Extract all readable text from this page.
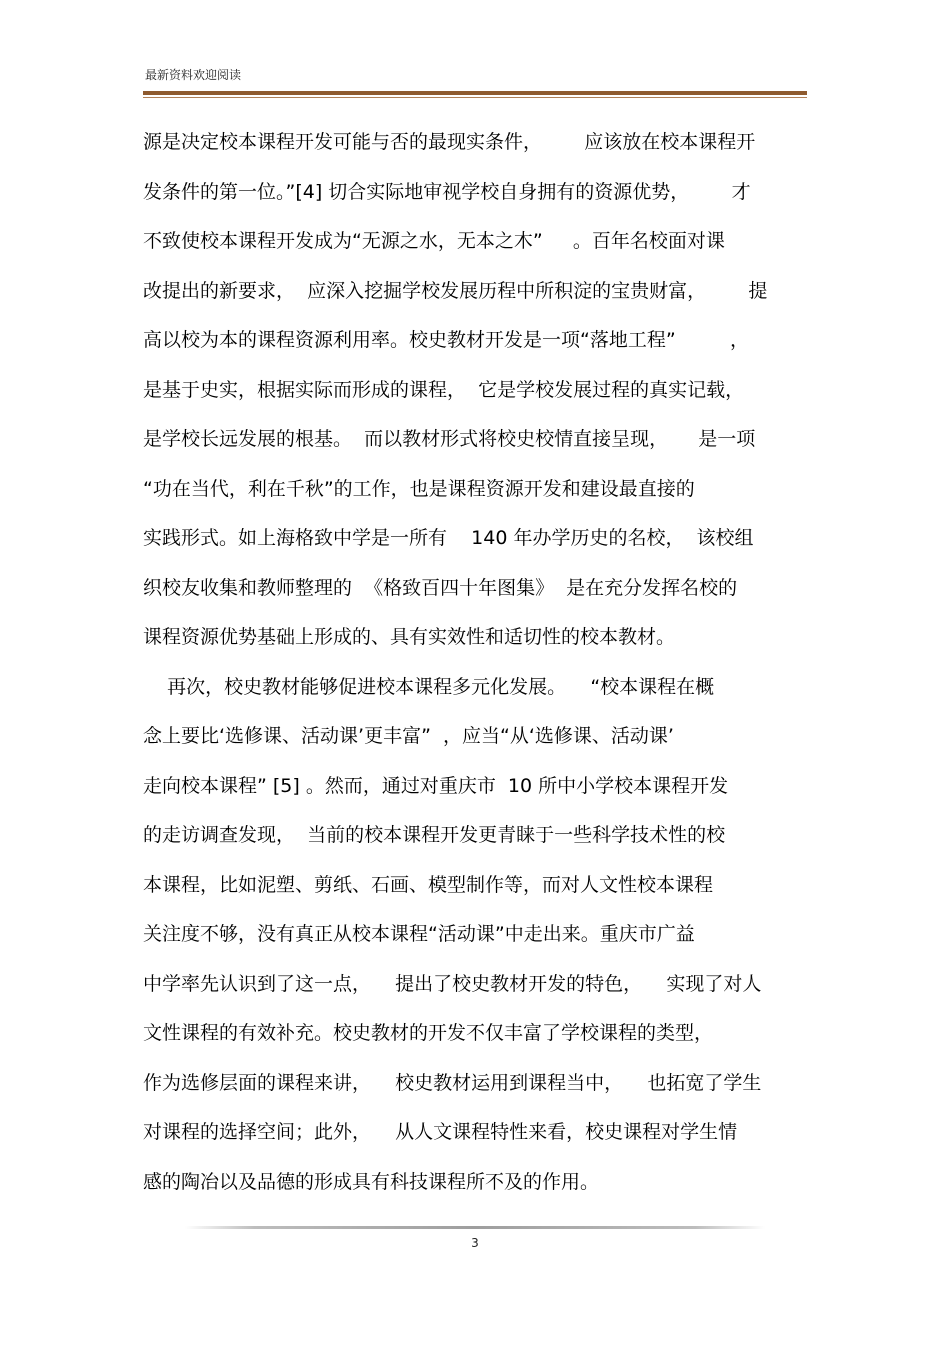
最新资料欢迎阅读
源是决定校本课程开发可能与否的最现实条件，       应该放在校本课程开
发条件的第一位。”[4] 切合实际地审视学校自身拥有的资源优势，       才
不致使校本课程开发成为“无源之水，无本之木”     。百年名校面对课
改提出的新要求，  应深入挖掘学校发展历程中所积淀的宝贵财富，       提
高以校为本的课程资源利用率。校史教材开发是一项“落地工程”         ，
是基于史实，根据实际而形成的课程，  它是学校发展过程的真实记载，
是学校长远发展的根基。  而以教材形式将校史校情直接呈现，     是一项
“功在当代，利在千秋”的工作，也是课程资源开发和建设最直接的
实践形式。如上海格致中学是一所有    140 年办学历史的名校，  该校组
织校友收集和教师整理的  《格致百四十年图集》  是在充分发挥名校的
课程资源优势基础上形成的、具有实效性和适切性的校本教材。
再次，校史教材能够促进校本课程多元化发展。    “校本课程在概
念上要比‘选修课、活动课’更丰富”  ，应当“从‘选修课、活动课’
走向校本课程” [5] 。然而，通过对重庆市  10 所中小学校本课程开发
的走访调查发现，  当前的校本课程开发更青睐于一些科学技术性的校
本课程，比如泥塑、剪纸、石画、模型制作等，而对人文性校本课程
关注度不够，没有真正从校本课程“活动课”中走出来。重庆市广益
中学率先认识到了这一点，    提出了校史教材开发的特色，    实现了对人
文性课程的有效补充。校史教材的开发不仅丰富了学校课程的类型，
作为选修层面的课程来讲，    校史教材运用到课程当中，    也拓宽了学生
对课程的选择空间；此外，    从人文课程特性来看，校史课程对学生情
感的陶冶以及品德的形成具有科技课程所不及的作用。
3
